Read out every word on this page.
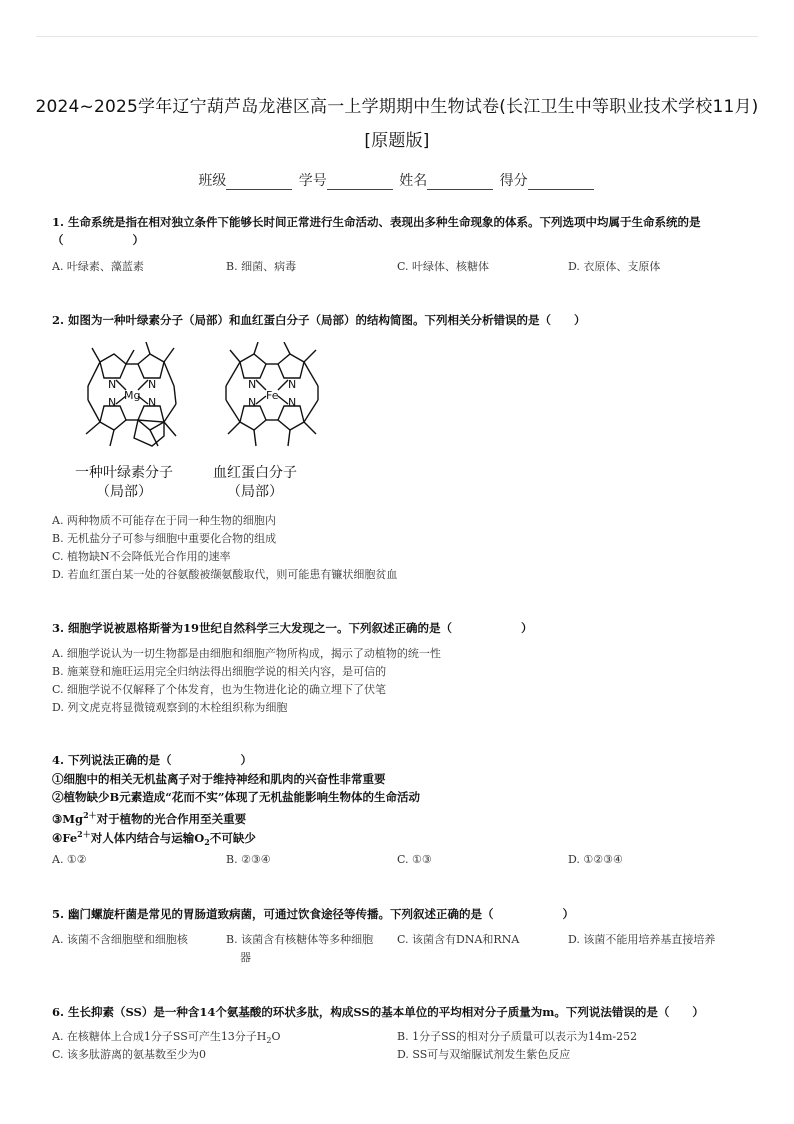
2024~2025学年辽宁葫芦岛龙港区高一上学期期中生物试卷(长江卫生中等职业技术学校11月)
[原题版]
班级	学号	姓名	得分
1. 生命系统是指在相对独立条件下能够长时间正常进行生命活动、表现出多种生命现象的体系。下列选项中均属于生命系统的是
（　　　　　　）
A. 叶绿素、藻蓝素	B. 细菌、病毒	C. 叶绿体、核糖体	D. 衣原体、支原体
2. 如图为一种叶绿素分子（局部）和血红蛋白分子（局部）的结构简图。下列相关分析错误的是（　　）
N	N
N	N
Mg
N	N
N	N
Fe
一种叶绿素分子
（局部）
血红蛋白分子
（局部）
A. 两种物质不可能存在于同一种生物的细胞内
B. 无机盐分子可参与细胞中重要化合物的组成
C. 植物缺N不会降低光合作用的速率
D. 若血红蛋白某一处的谷氨酸被缬氨酸取代，则可能患有镰状细胞贫血
3. 细胞学说被恩格斯誉为19世纪自然科学三大发现之一。下列叙述正确的是（　　　　　　）
A. 细胞学说认为一切生物都是由细胞和细胞产物所构成，揭示了动植物的统一性
B. 施莱登和施旺运用完全归纳法得出细胞学说的相关内容，是可信的
C. 细胞学说不仅解释了个体发育，也为生物进化论的确立埋下了伏笔
D. 列文虎克将显微镜观察到的木栓组织称为细胞
4. 下列说法正确的是（　　　　　　）
①细胞中的相关无机盐离子对于维持神经和肌肉的兴奋性非常重要
②植物缺少B元素造成“花而不实”体现了无机盐能影响生物体的生命活动
$③Mg^{2+}$对于植物的光合作用至关重要
$④Fe^{2+}$对人体内结合与运输$O_2$不可缺少
A. ①②	B. ②③④	C. ①③	D. ①②③④
5. 幽门螺旋杆菌是常见的胃肠道致病菌，可通过饮食途径等传播。下列叙述正确的是（　　　　　　）
A. 该菌不含细胞壁和细胞核	B. 该菌含有核糖体等多种细胞
器
C. 该菌含有DNA和RNA	D. 该菌不能用培养基直接培养
6. 生长抑素（SS）是一种含14个氨基酸的环状多肽，构成SS的基本单位的平均相对分子质量为m。下列说法错误的是（　　）
A. 在核糖体上合成1分子SS可产生13分子$H_2O$	B. 1分子SS的相对分子质量可以表示为14m-252
C. 该多肽游离的氨基数至少为0	D. SS可与双缩脲试剂发生紫色反应
